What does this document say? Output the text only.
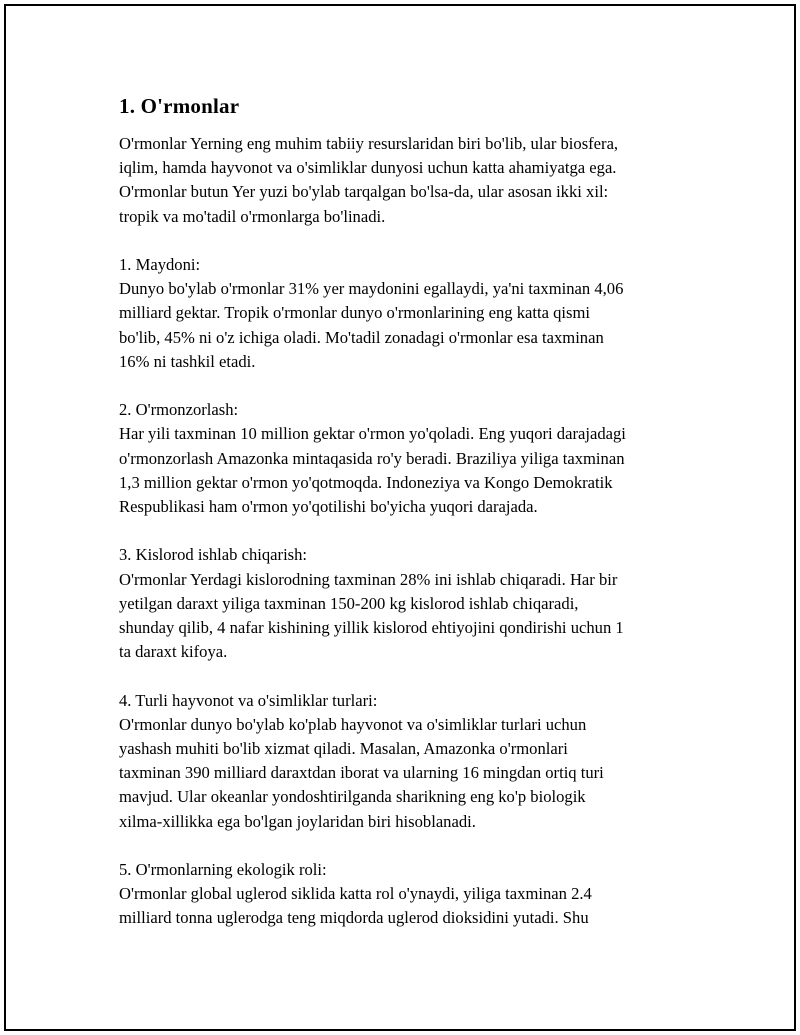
1. O'rmonlar
O'rmonlar Yerning eng muhim tabiiy resurslaridan biri bo'lib, ular biosfera,
iqlim, hamda hayvonot va o'simliklar dunyosi uchun katta ahamiyatga ega.
O'rmonlar butun Yer yuzi bo'ylab tarqalgan bo'lsa-da, ular asosan ikki xil:
tropik va mo'tadil o'rmonlarga bo'linadi.
1. Maydoni:
Dunyo bo'ylab o'rmonlar 31% yer maydonini egallaydi, ya'ni taxminan 4,06
milliard gektar. Tropik o'rmonlar dunyo o'rmonlarining eng katta qismi
bo'lib, 45% ni o'z ichiga oladi. Mo'tadil zonadagi o'rmonlar esa taxminan
16% ni tashkil etadi.
2. O'rmonzorlash:
Har yili taxminan 10 million gektar o'rmon yo'qoladi. Eng yuqori darajadagi
o'rmonzorlash Amazonka mintaqasida ro'y beradi. Braziliya yiliga taxminan
1,3 million gektar o'rmon yo'qotmoqda. Indoneziya va Kongo Demokratik
Respublikasi ham o'rmon yo'qotilishi bo'yicha yuqori darajada.
3. Kislorod ishlab chiqarish:
O'rmonlar Yerdagi kislorodning taxminan 28% ini ishlab chiqaradi. Har bir
yetilgan daraxt yiliga taxminan 150-200 kg kislorod ishlab chiqaradi,
shunday qilib, 4 nafar kishining yillik kislorod ehtiyojini qondirishi uchun 1
ta daraxt kifoya.
4. Turli hayvonot va o'simliklar turlari:
O'rmonlar dunyo bo'ylab ko'plab hayvonot va o'simliklar turlari uchun
yashash muhiti bo'lib xizmat qiladi. Masalan, Amazonka o'rmonlari
taxminan 390 milliard daraxtdan iborat va ularning 16 mingdan ortiq turi
mavjud. Ular okeanlar yondoshtirilganda sharikning eng ko'p biologik
xilma-xillikka ega bo'lgan joylaridan biri hisoblanadi.
5. O'rmonlarning ekologik roli:
O'rmonlar global uglerod siklida katta rol o'ynaydi, yiliga taxminan 2.4
milliard tonna uglerodga teng miqdorda uglerod dioksidini yutadi. Shu
